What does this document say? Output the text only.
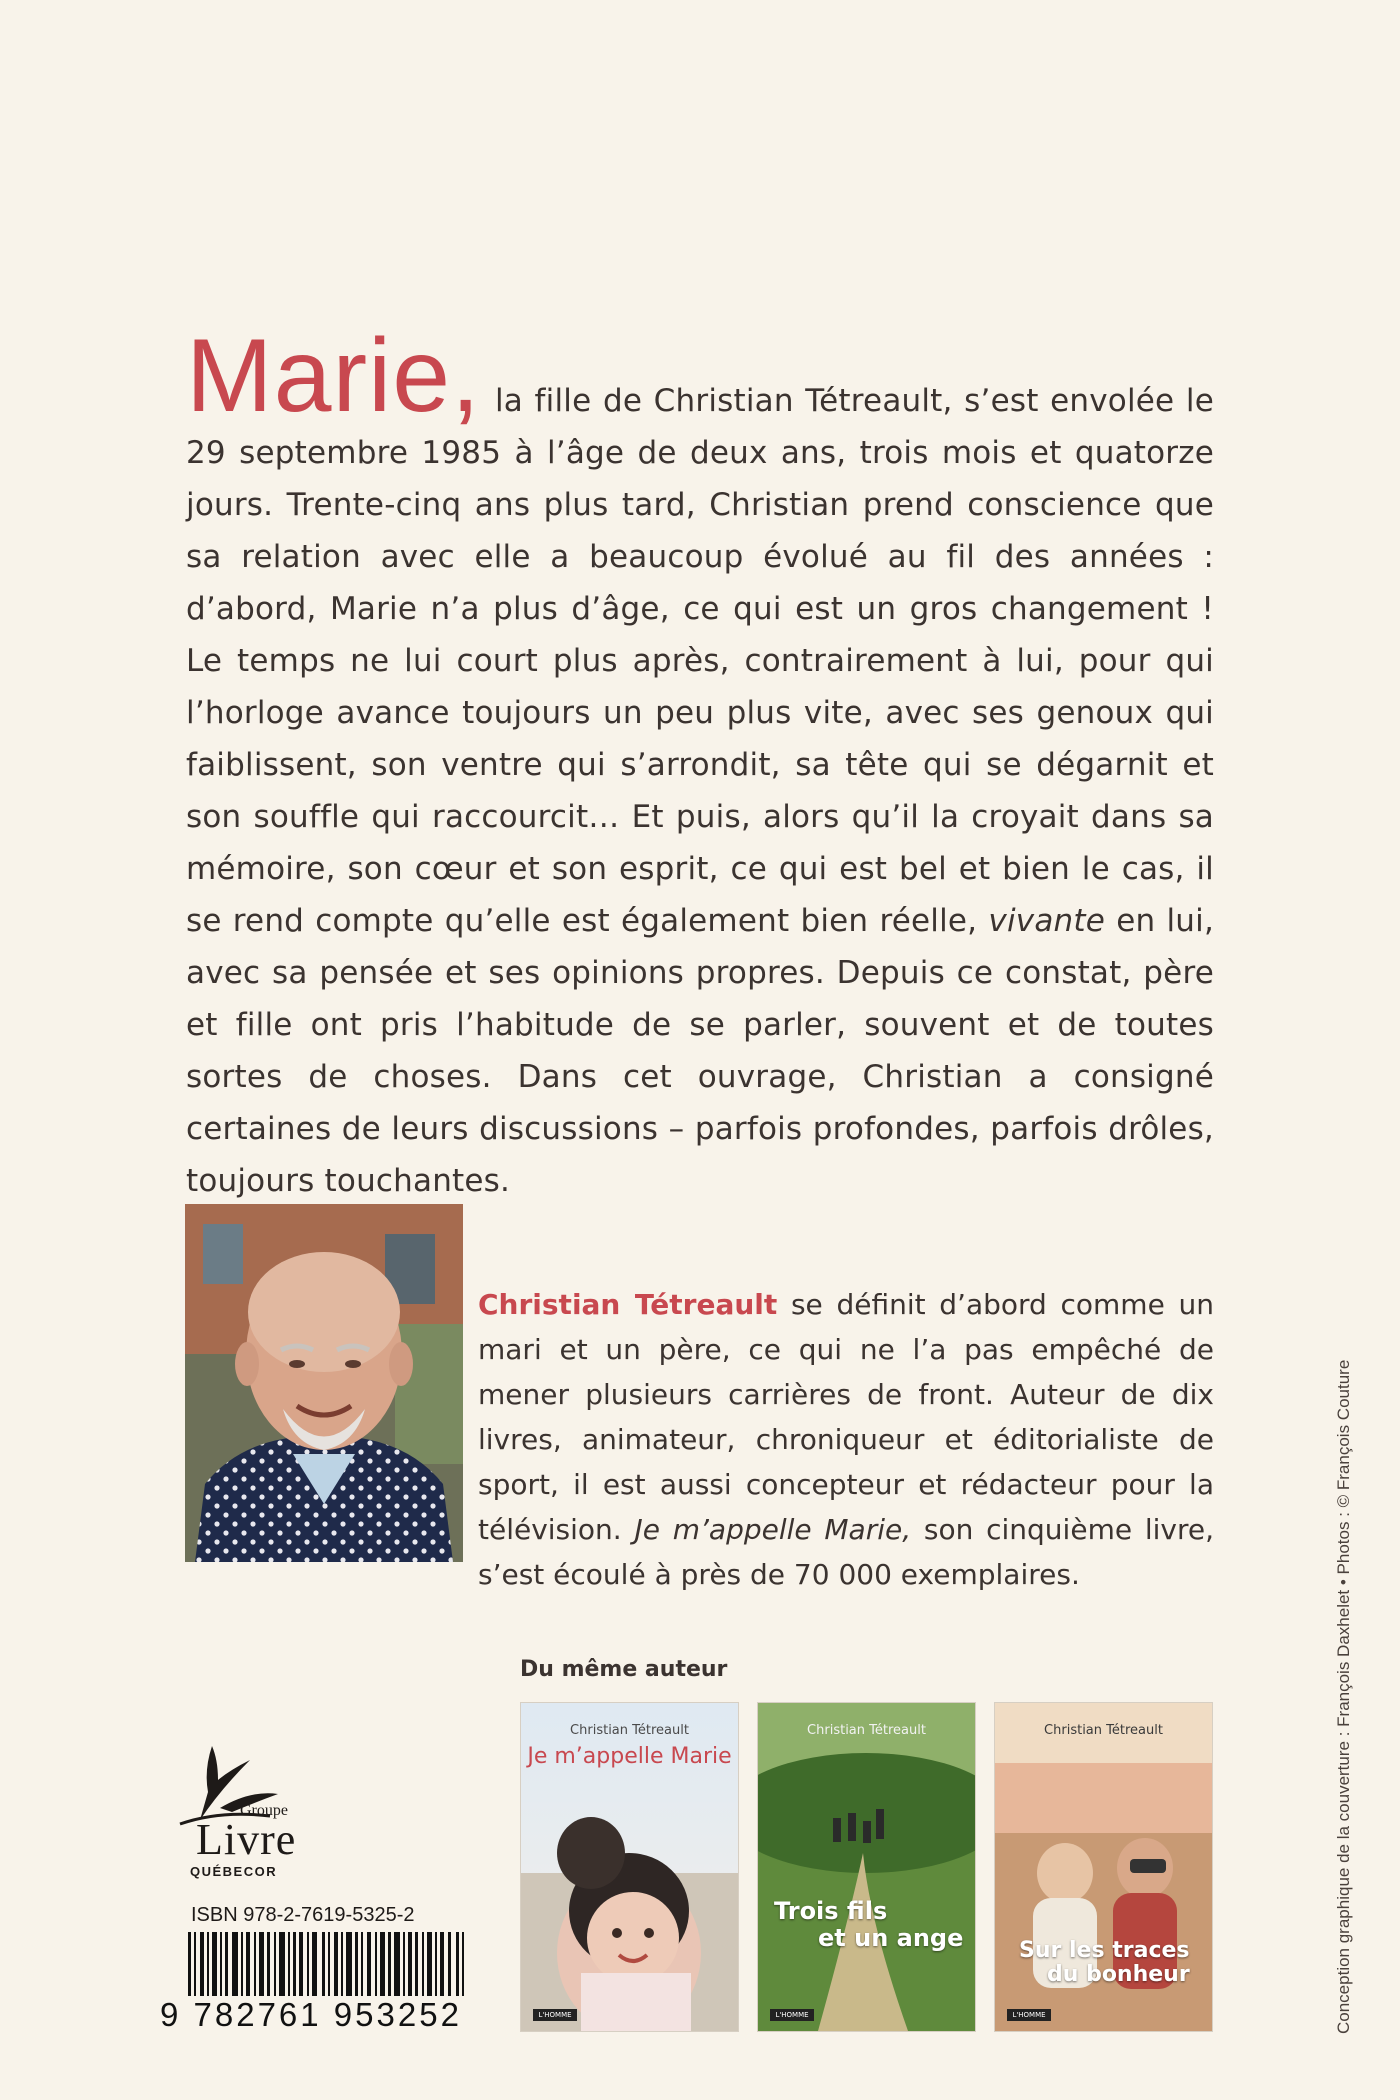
Marie, la fille de Christian Tétreault, s’est envolée le 29 septembre 1985 à l’âge de deux ans, trois mois et quatorze jours. Trente-cinq ans plus tard, Christian prend conscience que sa relation avec elle a beaucoup évolué au fil des années : d’abord, Marie n’a plus d’âge, ce qui est un gros changement ! Le temps ne lui court plus après, contrairement à lui, pour qui l’horloge avance toujours un peu plus vite, avec ses genoux qui faiblissent, son ventre qui s’arrondit, sa tête qui se dégarnit et son souffle qui raccourcit… Et puis, alors qu’il la croyait dans sa mémoire, son cœur et son esprit, ce qui est bel et bien le cas, il se rend compte qu’elle est également bien réelle, vivante en lui, avec sa pensée et ses opinions propres. Depuis ce constat, père et fille ont pris l’habitude de se parler, souvent et de toutes sortes de choses. Dans cet ouvrage, Christian a consigné certaines de leurs discussions – parfois profondes, parfois drôles, toujours touchantes.

Christian Tétreault se définit d’abord comme un mari et un père, ce qui ne l’a pas empêché de mener plusieurs carrières de front. Auteur de dix livres, animateur, chroniqueur et éditorialiste de sport, il est aussi concepteur et rédacteur pour la télévision. Je m’appelle Marie, son cinquième livre, s’est écoulé à près de 70 000 exemplaires.

Du même auteur
Christian Tétreault
Je m’appelle Marie
L'HOMME
Christian Tétreault
Trois fils
et un ange
L'HOMME
Christian Tétreault
Sur les traces
du bonheur
L'HOMME
Groupe
Livre
QUÉBECOR
ISBN 978-2-7619-5325-2
9 782761 953252	Conception graphique de la couverture : François Daxhelet • Photos : © François Couture
